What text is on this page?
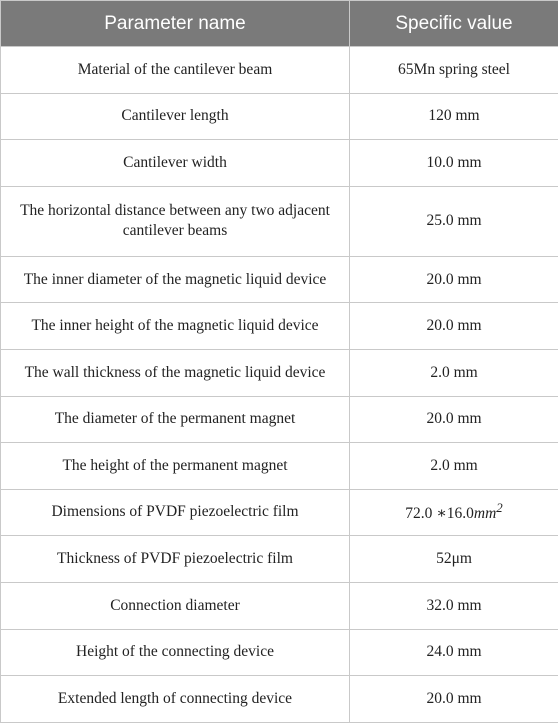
Parameter name	Specific value
Material of the cantilever beam	65Mn spring steel
Cantilever length	120 mm
Cantilever width	10.0 mm
The horizontal distance between any two adjacent cantilever beams	25.0 mm
The inner diameter of the magnetic liquid device	20.0 mm
The inner height of the magnetic liquid device	20.0 mm
The wall thickness of the magnetic liquid device	2.0 mm
The diameter of the permanent magnet	20.0 mm
The height of the permanent magnet	2.0 mm
Dimensions of PVDF piezoelectric film	72.0 $∗16.0mm^2$
Thickness of PVDF piezoelectric film	52μm
Connection diameter	32.0 mm
Height of the connecting device	24.0 mm
Extended length of connecting device	20.0 mm
